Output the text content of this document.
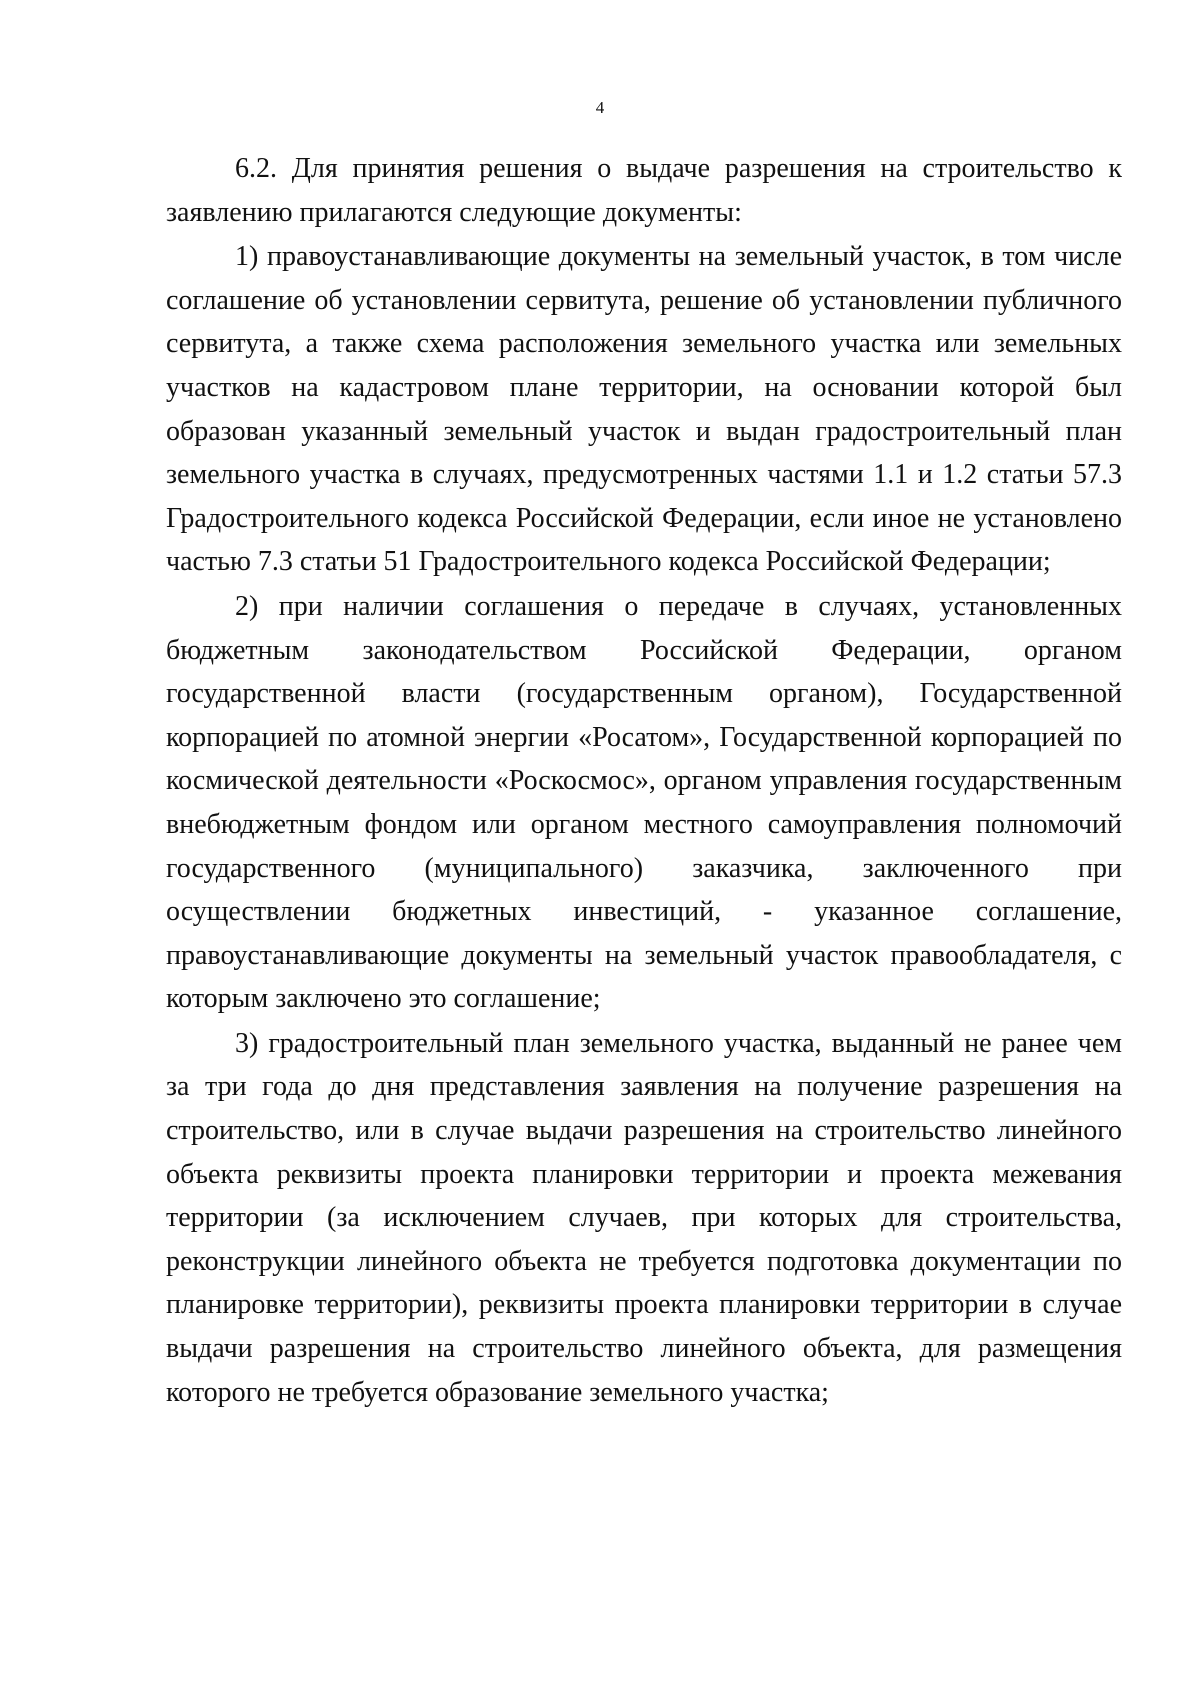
4

6.2. Для принятия решения о выдаче разрешения на строительство к заявлению прилагаются следующие документы:

1) правоустанавливающие документы на земельный участок, в том числе соглашение об установлении сервитута, решение об установлении публичного сервитута, а также схема расположения земельного участка или земельных участков на кадастровом плане территории, на основании которой был образован указанный земельный участок и выдан градостроительный план земельного участка в случаях, предусмотренных частями 1.1 и 1.2 статьи 57.3 Градостроительного кодекса Российской Федерации, если иное не установлено частью 7.3 статьи 51 Градостроительного кодекса Российской Федерации;

2) при наличии соглашения о передаче в случаях, установленных бюджетным законодательством Российской Федерации, органом государственной власти (государственным органом), Государственной корпорацией по атомной энергии «Росатом», Государственной корпорацией по космической деятельности «Роскосмос», органом управления государственным внебюджетным фондом или органом местного самоуправления полномочий государственного (муниципального) заказчика, заключенного при осуществлении бюджетных инвестиций, - указанное соглашение, правоустанавливающие документы на земельный участок правообладателя, с которым заключено это соглашение;

3) градостроительный план земельного участка, выданный не ранее чем за три года до дня представления заявления на получение разрешения на строительство, или в случае выдачи разрешения на строительство линейного объекта реквизиты проекта планировки территории и проекта межевания территории (за исключением случаев, при которых для строительства, реконструкции линейного объекта не требуется подготовка документации по планировке территории), реквизиты проекта планировки территории в случае выдачи разрешения на строительство линейного объекта, для размещения которого не требуется образование земельного участка;
